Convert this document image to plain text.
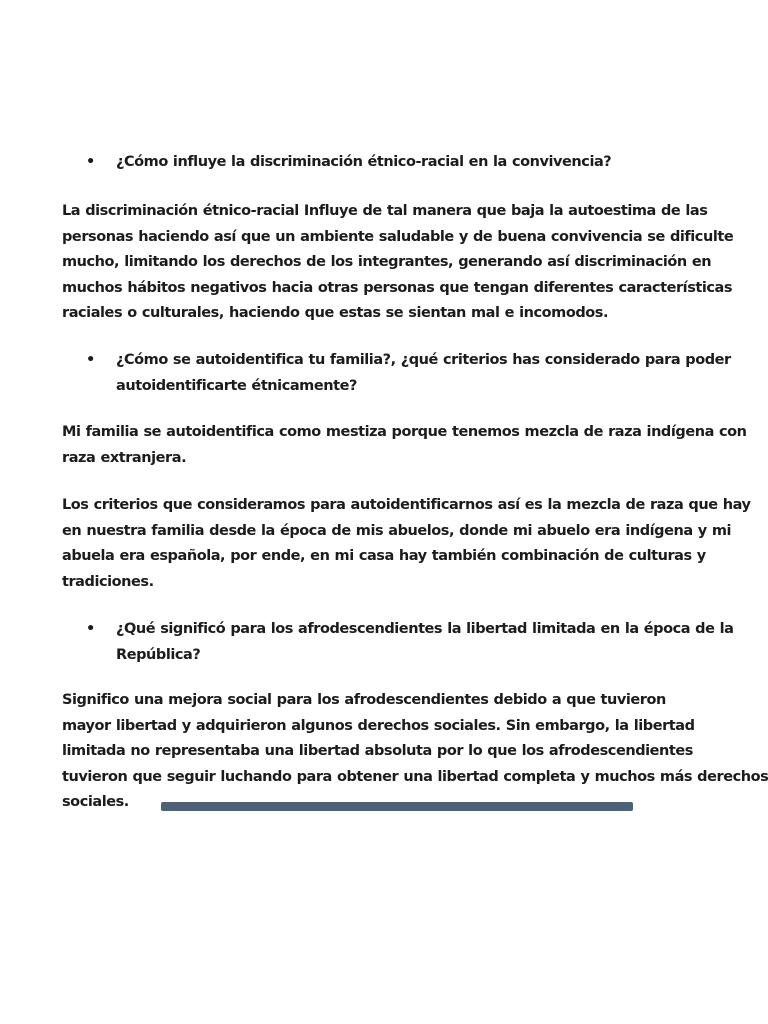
• ¿Cómo influye la discriminación étnico-racial en la convivencia?
La discriminación étnico-racial Influye de tal manera que baja la autoestima de las
personas haciendo así que un ambiente saludable y de buena convivencia se dificulte
mucho, limitando los derechos de los integrantes, generando así discriminación en
muchos hábitos negativos hacia otras personas que tengan diferentes características
raciales o culturales, haciendo que estas se sientan mal e incomodos.
• ¿Cómo se autoidentifica tu familia?, ¿qué criterios has considerado para poder
autoidentificarte étnicamente?
Mi familia se autoidentifica como mestiza porque tenemos mezcla de raza indígena con
raza extranjera.
Los criterios que consideramos para autoidentificarnos así es la mezcla de raza que hay
en nuestra familia desde la época de mis abuelos, donde mi abuelo era indígena y mi
abuela era española, por ende, en mi casa hay también combinación de culturas y
tradiciones.
• ¿Qué significó para los afrodescendientes la libertad limitada en la época de la
República?
Significo una mejora social para los afrodescendientes debido a que tuvieron
mayor libertad y adquirieron algunos derechos sociales. Sin embargo, la libertad
limitada no representaba una libertad absoluta por lo que los afrodescendientes
tuvieron que seguir luchando para obtener una libertad completa y muchos más derechos
sociales.
